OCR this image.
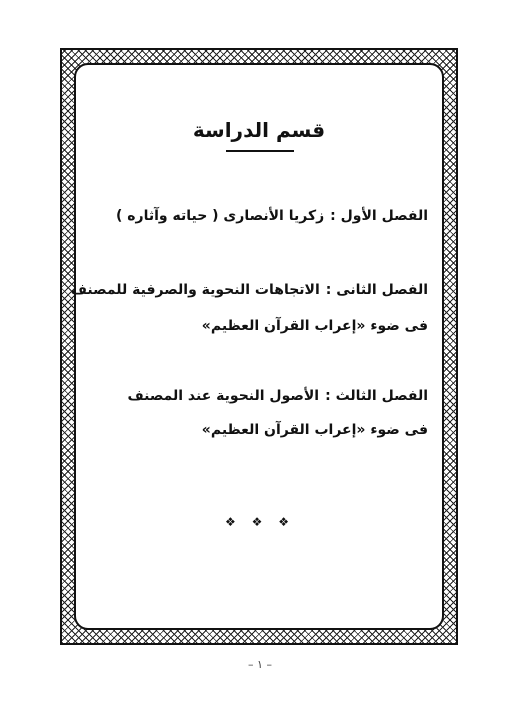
قسم الدراسة
الفصل الأول :زكريا الأنصارى ( حياته وآثاره )
الفصل الثانى :الاتجاهات النحوية والصرفية للمصنف
فى ضوء «إعراب القرآن العظيم»
الفصل الثالث :الأصول النحوية عند المصنف
فى ضوء «إعراب القرآن العظيم»
❖ ❖ ❖
– ١ –
